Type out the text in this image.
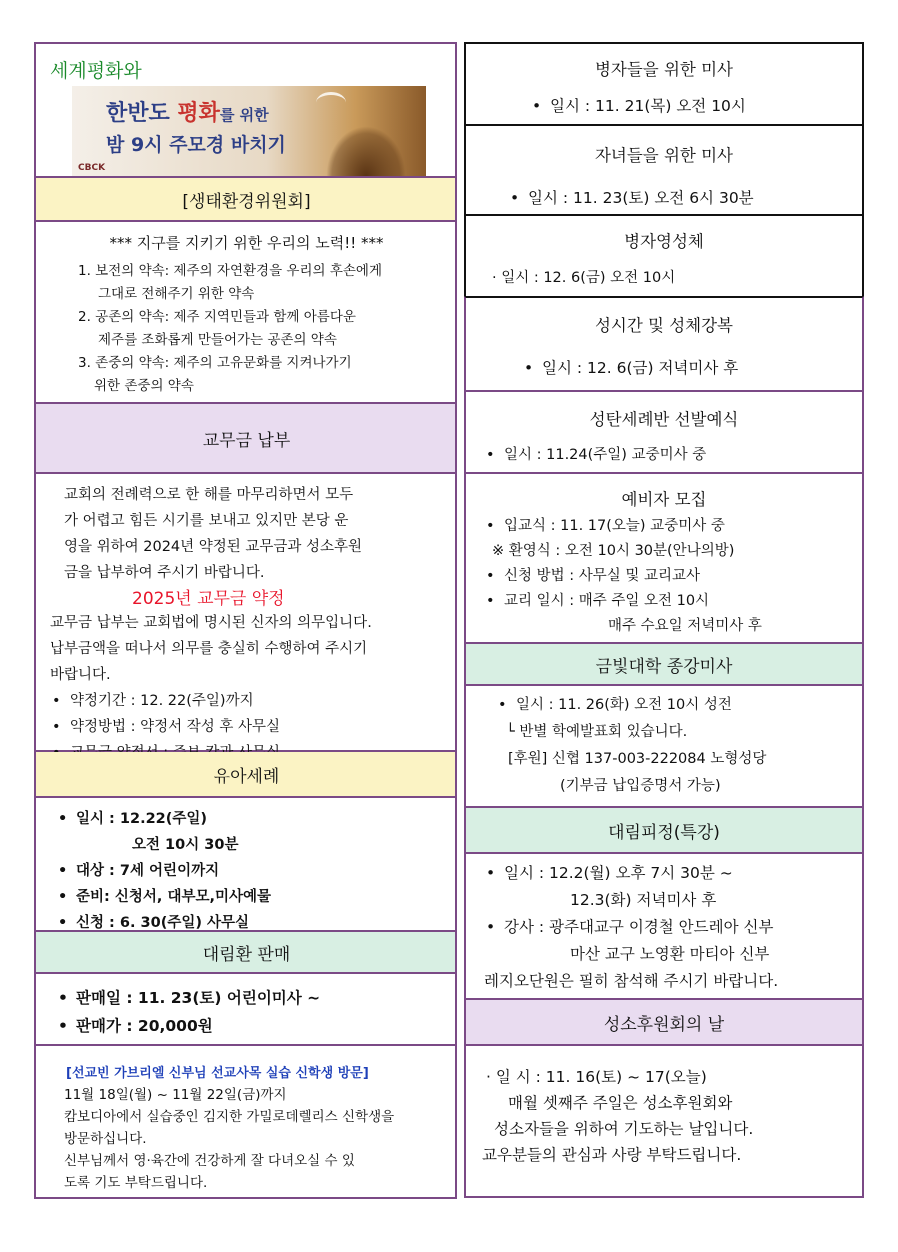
세계평화와
한반도 평화를 위한
밤 9시 주모경 바치기
CBCK
[생태환경위원회]
*** 지구를 지키기 위한 우리의 노력!! ***
1. 보전의 약속: 제주의 자연환경을 우리의 후손에게
그대로 전해주기 위한 약속
2. 공존의 약속: 제주 지역민들과 함께 아름다운
제주를 조화롭게 만들어가는 공존의 약속
3. 존중의 약속: 제주의 고유문화를 지켜나가기
위한 존중의 약속
교무금 납부
교회의 전례력으로 한 해를 마무리하면서 모두
가 어렵고 힘든 시기를 보내고 있지만 본당 운
영을 위하여 2024년 약정된 교무금과 성소후원
금을 납부하여 주시기 바랍니다.
2025년 교무금 약정
교무금 납부는 교회법에 명시된 신자의 의무입니다.
납부금액을 떠나서 의무를 충실히 수행하여 주시기
바랍니다.
• 약정기간 : 12. 22(주일)까지
• 약정방법 : 약정서 작성 후 사무실
•
유아세례
• 일시 : 12.22(주일)
오전 10시 30분
• 대상 : 7세 어린이까지
• 준비: 신청서, 대부모,미사예물
• 신청 : 6. 30(주일) 사무실
대림환 판매
• 판매일 : 11. 23(토) 어린이미사 ~
• 판매가 : 20,000원
[선교빈 가브리엘 신부님 선교사목 실습 신학생 방문]
11월 18일(월) ~ 11월 22일(금)까지
캄보디아에서 실습중인 김지한 가밀로데렐리스 신학생을
방문하십니다.
신부님께서 영·육간에 건강하게 잘 다녀오실 수 있
도록 기도 부탁드립니다.
병자들을 위한 미사
• 일시 : 11. 21(목) 오전 10시
자녀들을 위한 미사
• 일시 : 11. 23(토) 오전 6시 30분
병자영성체
· 일시 : 12. 6(금) 오전 10시
성시간 및 성체강복
• 일시 : 12. 6(금) 저녁미사 후
성탄세례반 선발예식
• 일시 : 11.24(주일) 교중미사 중
예비자 모집
• 입교식 : 11. 17(오늘) 교중미사 중
※ 환영식 : 오전 10시 30분(안나의방)
• 신청 방법 : 사무실 및 교리교사
• 교리 일시 : 매주 주일 오전 10시
매주 수요일 저녁미사 후
금빛대학 종강미사
• 일시 : 11. 26(화) 오전 10시 성전
└ 반별 학예발표회 있습니다.
[후원] 신협 137-003-222084 노형성당
(기부금 납입증명서 가능)
대림피정(특강)
• 일시 : 12.2(월) 오후 7시 30분 ~
12.3(화) 저녁미사 후
• 강사 : 광주대교구 이경철 안드레아 신부
마산 교구 노영환 마티아 신부
레지오단원은 필히 참석해 주시기 바랍니다.
성소후원회의 날
· 일 시 : 11. 16(토) ~ 17(오늘)
매월 셋째주 주일은 성소후원회와
성소자들을 위하여 기도하는 날입니다.
교우분들의 관심과 사랑 부탁드립니다.
